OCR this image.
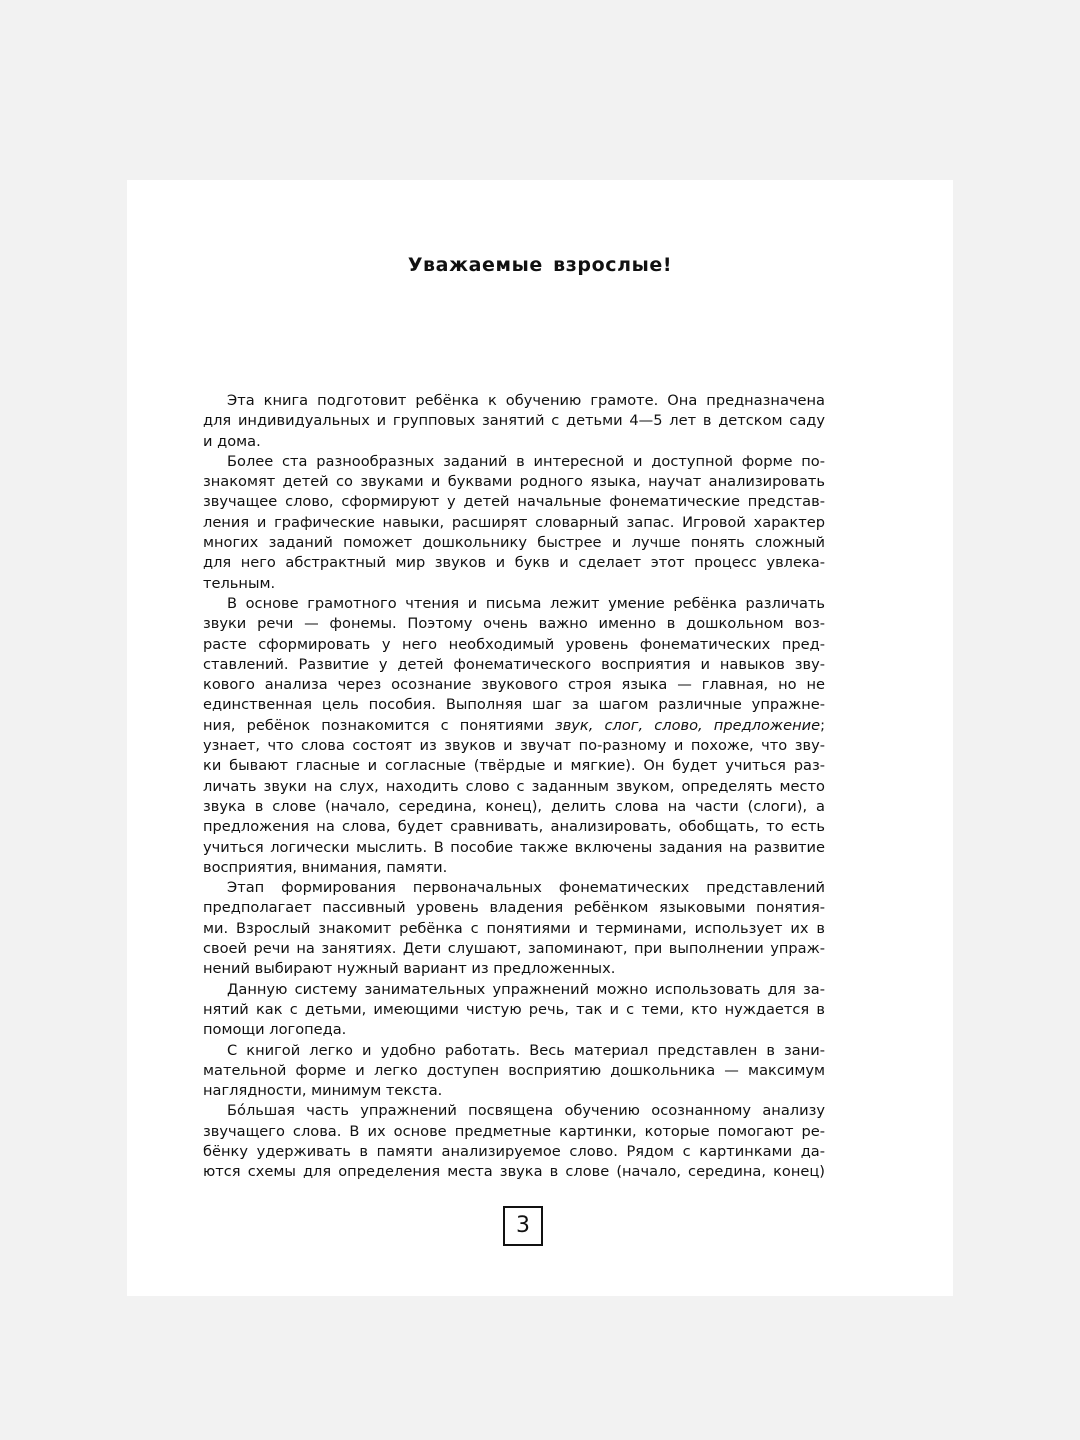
Уважаемые взрослые!
Эта книга подготовит ребёнка к обучению грамоте. Она предназначена
для индивидуальных и групповых занятий с детьми 4—5 лет в детском саду
и дома.
Более ста разнообразных заданий в интересной и доступной форме по-
знакомят детей со звуками и буквами родного языка, научат анализировать
звучащее слово, сформируют у детей начальные фонематические представ-
ления и графические навыки, расширят словарный запас. Игровой характер
многих заданий поможет дошкольнику быстрее и лучше понять сложный
для него абстрактный мир звуков и букв и сделает этот процесс увлека-
тельным.
В основе грамотного чтения и письма лежит умение ребёнка различать
звуки речи — фонемы. Поэтому очень важно именно в дошкольном воз-
расте сформировать у него необходимый уровень фонематических пред-
ставлений. Развитие у детей фонематического восприятия и навыков зву-
кового анализа через осознание звукового строя языка — главная, но не
единственная цель пособия. Выполняя шаг за шагом различные упражне-
ния, ребёнок познакомится с понятиями звук, слог, слово, предложение;
узнает, что слова состоят из звуков и звучат по-разному и похоже, что зву-
ки бывают гласные и согласные (твёрдые и мягкие). Он будет учиться раз-
личать звуки на слух, находить слово с заданным звуком, определять место
звука в слове (начало, середина, конец), делить слова на части (слоги), а
предложения на слова, будет сравнивать, анализировать, обобщать, то есть
учиться логически мыслить. В пособие также включены задания на развитие
восприятия, внимания, памяти.
Этап формирования первоначальных фонематических представлений
предполагает пассивный уровень владения ребёнком языковыми понятия-
ми. Взрослый знакомит ребёнка с понятиями и терминами, использует их в
своей речи на занятиях. Дети слушают, запоминают, при выполнении упраж-
нений выбирают нужный вариант из предложенных.
Данную систему занимательных упражнений можно использовать для за-
нятий как с детьми, имеющими чистую речь, так и с теми, кто нуждается в
помощи логопеда.
С книгой легко и удобно работать. Весь материал представлен в зани-
мательной форме и легко доступен восприятию дошкольника — максимум
наглядности, минимум текста.
Бо́льшая часть упражнений посвящена обучению осознанному анализу
звучащего слова. В их основе предметные картинки, которые помогают ре-
бёнку удерживать в памяти анализируемое слово. Рядом с картинками да-
ются схемы для определения места звука в слове (начало, середина, конец)
3
